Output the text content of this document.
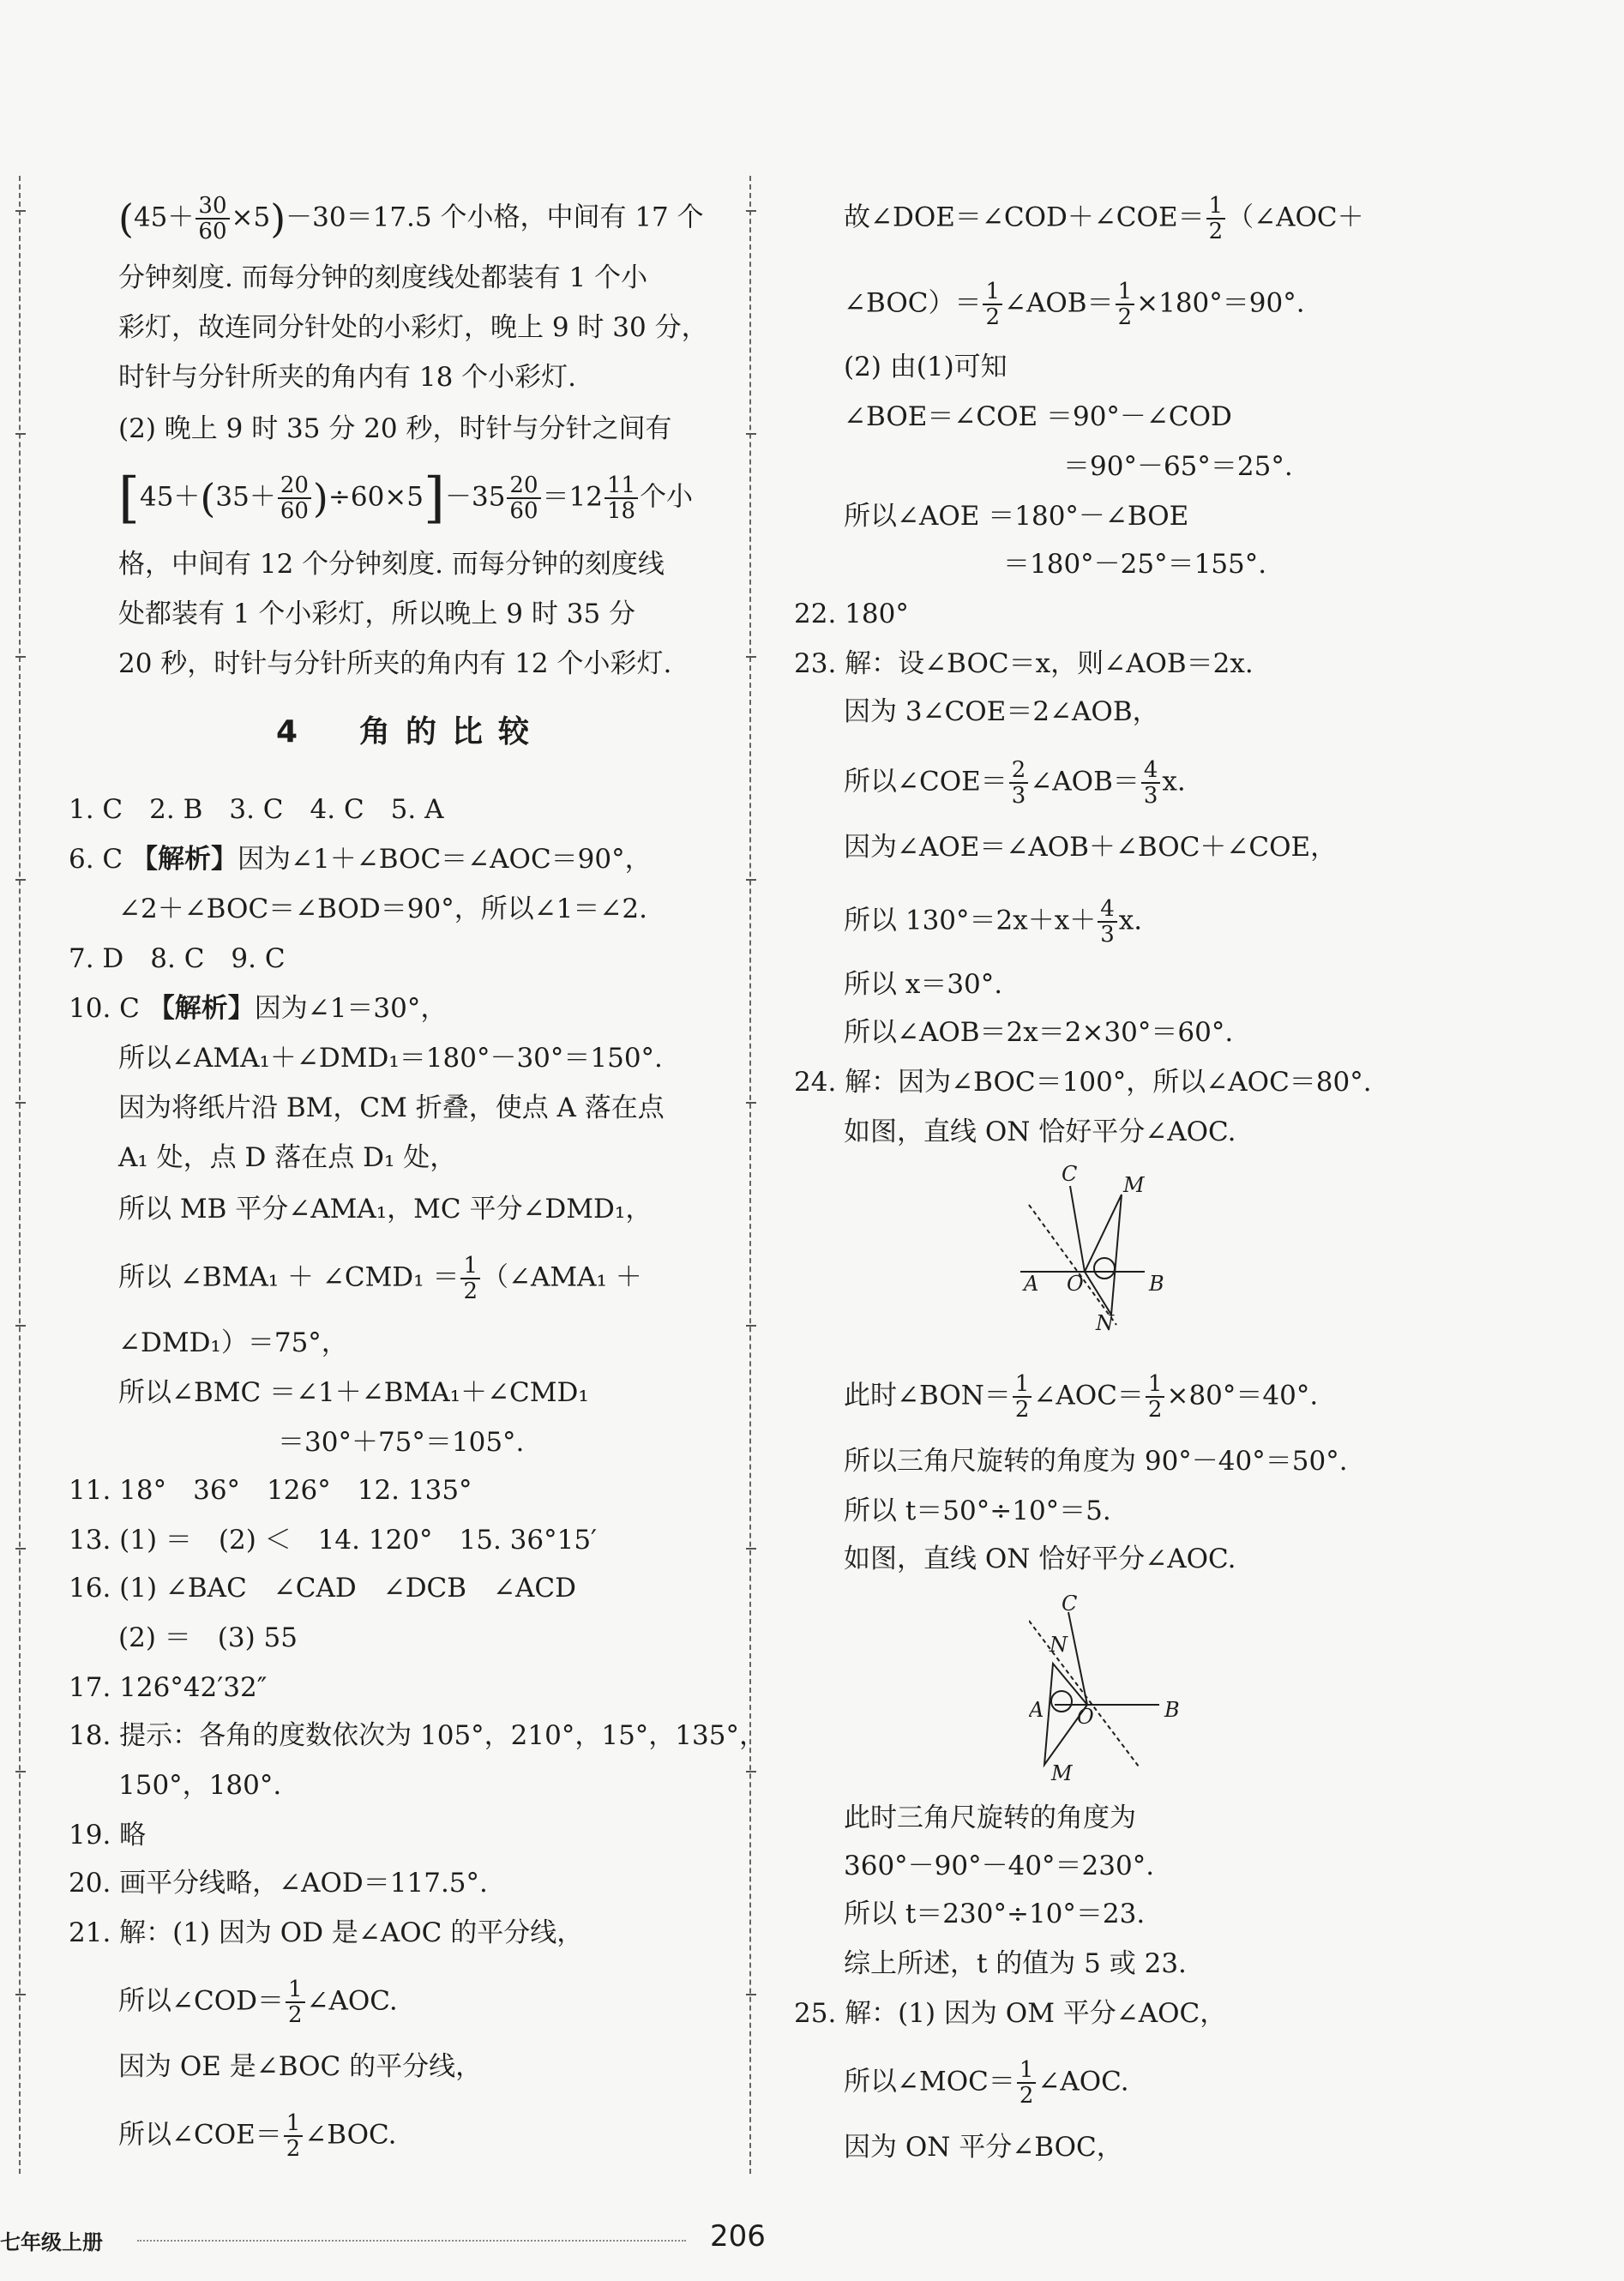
$(45+ \frac{30}{60} \times 5)-30=17.5$ 个小格，中间有 17 个
分钟刻度. 而每分钟的刻度线处都装有 1 个小
彩灯，故连同分针处的小彩灯，晚上 9 时 30 分，
时针与分针所夹的角内有 18 个小彩灯.
(2) 晚上 9 时 35 分 20 秒，时针与分针之间有
$[45+(35+ \frac{20}{60} )\div 60\times 5]-35 \frac{20}{60} =12 \frac{11}{18}$ 个小
格，中间有 12 个分钟刻度. 而每分钟的刻度线
处都装有 1 个小彩灯，所以晚上 9 时 35 分
20 秒，时针与分针所夹的角内有 12 个小彩灯.
4　角的比较
1. C　2. B　3. C　4. C　5. A
6. C 【解析】因为∠1＋∠BOC＝∠AOC＝90°，
∠2＋∠BOC＝∠BOD＝90°，所以∠1＝∠2.
7. D　8. C　9. C
10. C 【解析】因为∠1＝30°，
所以∠AMA₁＋∠DMD₁＝180°－30°＝150°.
因为将纸片沿 BM，CM 折叠，使点 A 落在点
A₁ 处，点 D 落在点 D₁ 处，
所以 MB 平分∠AMA₁，MC 平分∠DMD₁，
所以 ∠BMA₁ ＋ ∠CMD₁ ＝ $\frac{1}{2}$ （∠AMA₁ ＋
∠DMD₁）＝75°，
所以∠BMC ＝∠1＋∠BMA₁＋∠CMD₁
＝30°＋75°＝105°.
11. 18°　36°　126°　12. 135°
13. (1) ＝　(2) ＜　14. 120°　15. 36°15′
16. (1) ∠BAC　∠CAD　∠DCB　∠ACD
(2) ＝　(3) 55
17. 126°42′32″
18. 提示：各角的度数依次为 105°，210°，15°，135°，
150°，180°.
19. 略
20. 画平分线略，∠AOD＝117.5°.
21. 解：(1) 因为 OD 是∠AOC 的平分线，
所以∠COD＝ $\frac{1}{2}$ ∠AOC.
因为 OE 是∠BOC 的平分线，
所以∠COE＝ $\frac{1}{2}$ ∠BOC.
故∠DOE＝∠COD＋∠COE＝ $\frac{1}{2}$ （∠AOC＋
∠BOC）＝ $\frac{1}{2}$ ∠AOB＝ $\frac{1}{2} \times 180^\circ=90^\circ$.
(2) 由(1)可知
∠BOE＝∠COE ＝90°－∠COD
＝90°－65°＝25°.
所以∠AOE ＝180°－∠BOE
＝180°－25°＝155°.
22. 180°
23. 解：设∠BOC＝x，则∠AOB＝2x.
因为 3∠COE＝2∠AOB，
所以∠COE＝ $\frac{2}{3}$ ∠AOB＝ $\frac{4}{3} x$.
因为∠AOE＝∠AOB＋∠BOC＋∠COE，
所以 $130^\circ=2x+x+ \frac{4}{3} x$.
所以 x＝30°.
所以∠AOB＝2x＝2×30°＝60°.
24. 解：因为∠BOC＝100°，所以∠AOC＝80°.
如图，直线 ON 恰好平分∠AOC.
C M
A O	B
N
此时∠BON＝ $\frac{1}{2}$ ∠AOC＝ $\frac{1}{2} \times 80^\circ=40^\circ$.
所以三角尺旋转的角度为 90°－40°＝50°.
所以 t＝50°÷10°＝5.
如图，直线 ON 恰好平分∠AOC.
C
N
A O	B
M
此时三角尺旋转的角度为
360°－90°－40°＝230°.
所以 t＝230°÷10°＝23.
综上所述，t 的值为 5 或 23.
25. 解：(1) 因为 OM 平分∠AOC，
所以∠MOC＝ $\frac{1}{2}$ ∠AOC.
因为 ON 平分∠BOC，
七年级上册	206
